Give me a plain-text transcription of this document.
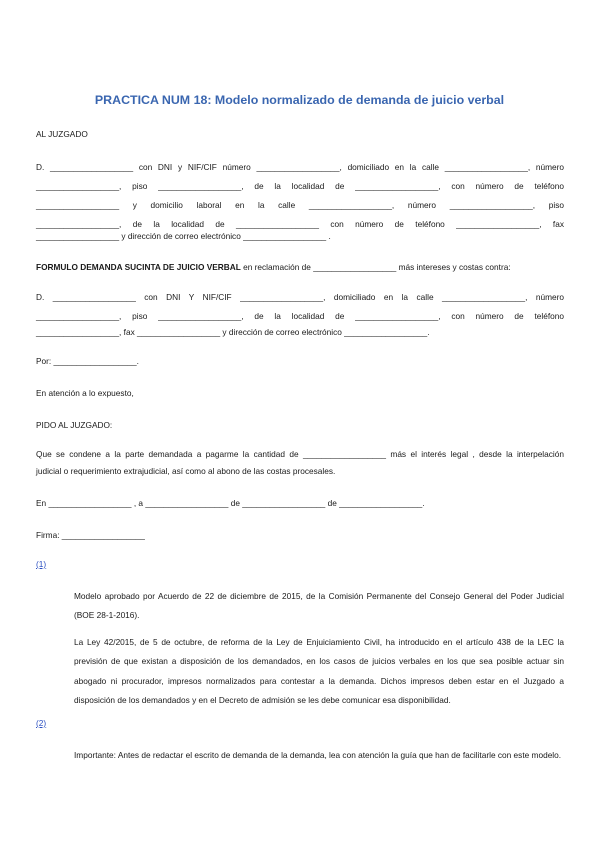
PRACTICA NUM 18: Modelo normalizado de demanda de juicio verbal

AL JUZGADO

D. __________________ con DNI y NIF/CIF número __________________, domiciliado en la calle __________________, número

__________________, piso __________________, de la localidad de __________________, con número de teléfono

__________________ y domicilio laboral en la calle __________________, número __________________, piso

__________________, de la localidad de __________________ con número de teléfono __________________, fax

__________________ y dirección de correo electrónico __________________ .

FORMULO DEMANDA SUCINTA DE JUICIO VERBAL en reclamación de __________________ más intereses y costas contra:

D. __________________ con DNI Y NIF/CIF __________________, domiciliado en la calle __________________, número

__________________, piso __________________, de la localidad de __________________, con número de teléfono

__________________, fax __________________ y dirección de correo electrónico __________________.

Por: __________________.

En atención a lo expuesto,

PIDO AL JUZGADO:

Que se condene a la parte demandada a pagarme la cantidad de __________________ más el interés legal , desde la interpelación

judicial o requerimiento extrajudicial, así como al abono de las costas procesales.

En __________________ , a __________________ de __________________ de __________________.

Firma: __________________

(1)

Modelo aprobado por Acuerdo de 22 de diciembre de 2015, de la Comisión Permanente del Consejo General del Poder Judicial (BOE 28-1-2016).

La Ley 42/2015, de 5 de octubre, de reforma de la Ley de Enjuiciamiento Civil, ha introducido en el artículo 438 de la LEC la previsión de que existan a disposición de los demandados, en los casos de juicios verbales en los que sea posible actuar sin abogado ni procurador, impresos normalizados para contestar a la demanda. Dichos impresos deben estar en el Juzgado a disposición de los demandados y en el Decreto de admisión se les debe comunicar esa disponibilidad.

(2)

Importante: Antes de redactar el escrito de demanda de la demanda, lea con atención la guía que han de facilitarle con este modelo.
